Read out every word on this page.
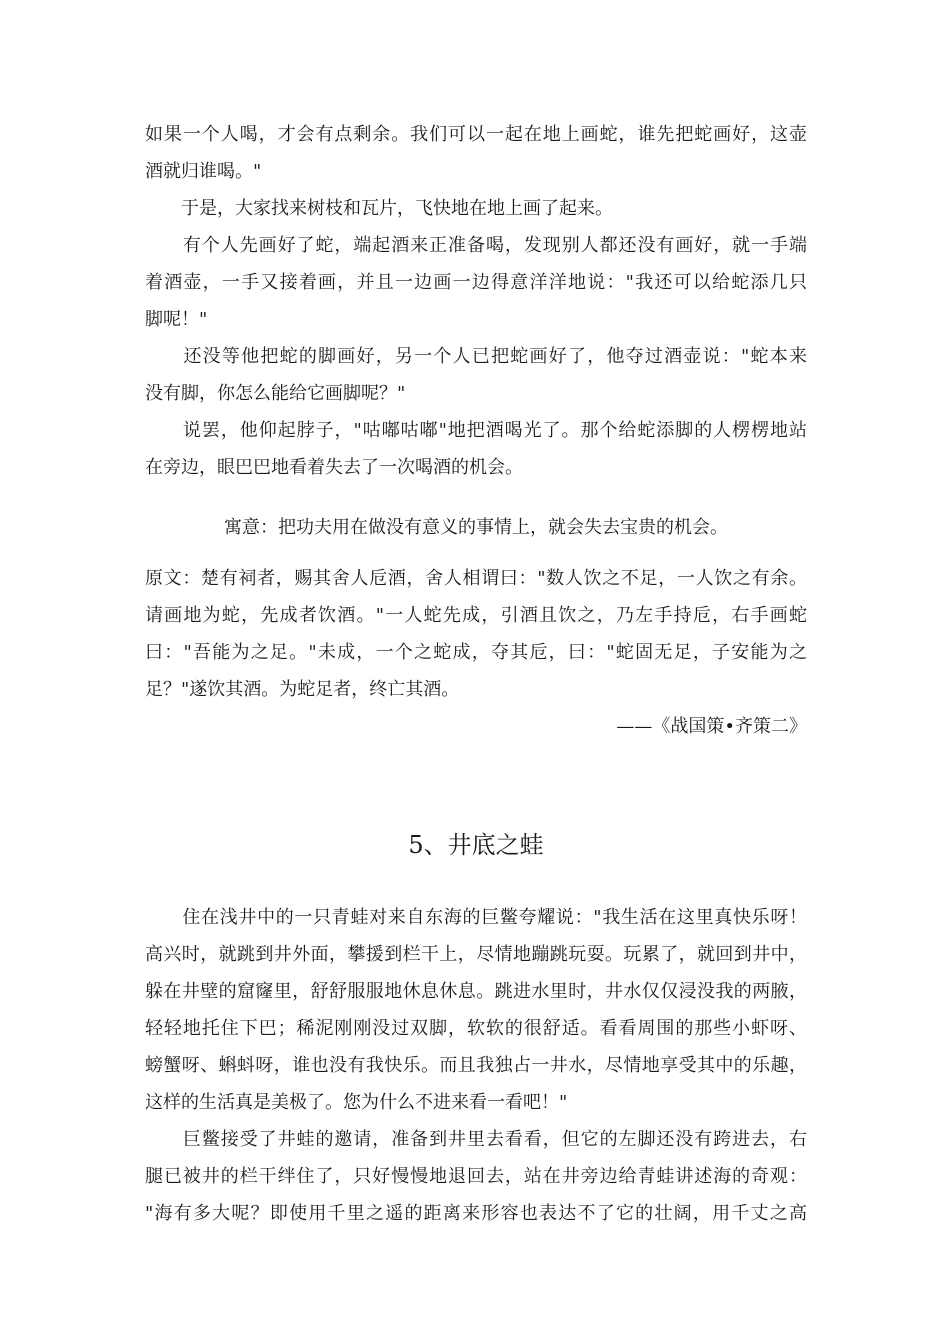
如果一个人喝，才会有点剩余。我们可以一起在地上画蛇，谁先把蛇画好，这壶
酒就归谁喝。"
　　于是，大家找来树枝和瓦片，飞快地在地上画了起来。
　　有个人先画好了蛇，端起酒来正准备喝，发现别人都还没有画好，就一手端
着酒壶，一手又接着画，并且一边画一边得意洋洋地说："我还可以给蛇添几只
脚呢！"
　　还没等他把蛇的脚画好，另一个人已把蛇画好了，他夺过酒壶说："蛇本来
没有脚，你怎么能给它画脚呢？"
　　说罢，他仰起脖子，"咕嘟咕嘟"地把酒喝光了。那个给蛇添脚的人楞楞地站
在旁边，眼巴巴地看着失去了一次喝酒的机会。
寓意：把功夫用在做没有意义的事情上，就会失去宝贵的机会。
原文：楚有祠者，赐其舍人卮酒，舍人相谓曰："数人饮之不足，一人饮之有余。
请画地为蛇，先成者饮酒。"一人蛇先成，引酒且饮之，乃左手持卮，右手画蛇
曰："吾能为之足。"未成，一个之蛇成，夺其卮，曰："蛇固无足，子安能为之
足？"遂饮其酒。为蛇足者，终亡其酒。
——《战国策•齐策二》
5、井底之蛙
　　住在浅井中的一只青蛙对来自东海的巨鳖夸耀说："我生活在这里真快乐呀！
高兴时，就跳到井外面，攀援到栏干上，尽情地蹦跳玩耍。玩累了，就回到井中，
躲在井壁的窟窿里，舒舒服服地休息休息。跳进水里时，井水仅仅浸没我的两腋，
轻轻地托住下巴；稀泥刚刚没过双脚，软软的很舒适。看看周围的那些小虾呀、
螃蟹呀、蝌蚪呀，谁也没有我快乐。而且我独占一井水，尽情地享受其中的乐趣，
这样的生活真是美极了。您为什么不进来看一看吧！"
　　巨鳖接受了井蛙的邀请，准备到井里去看看，但它的左脚还没有跨进去，右
腿已被井的栏干绊住了，只好慢慢地退回去，站在井旁边给青蛙讲述海的奇观：
"海有多大呢？即使用千里之遥的距离来形容也表达不了它的壮阔，用千丈之高
